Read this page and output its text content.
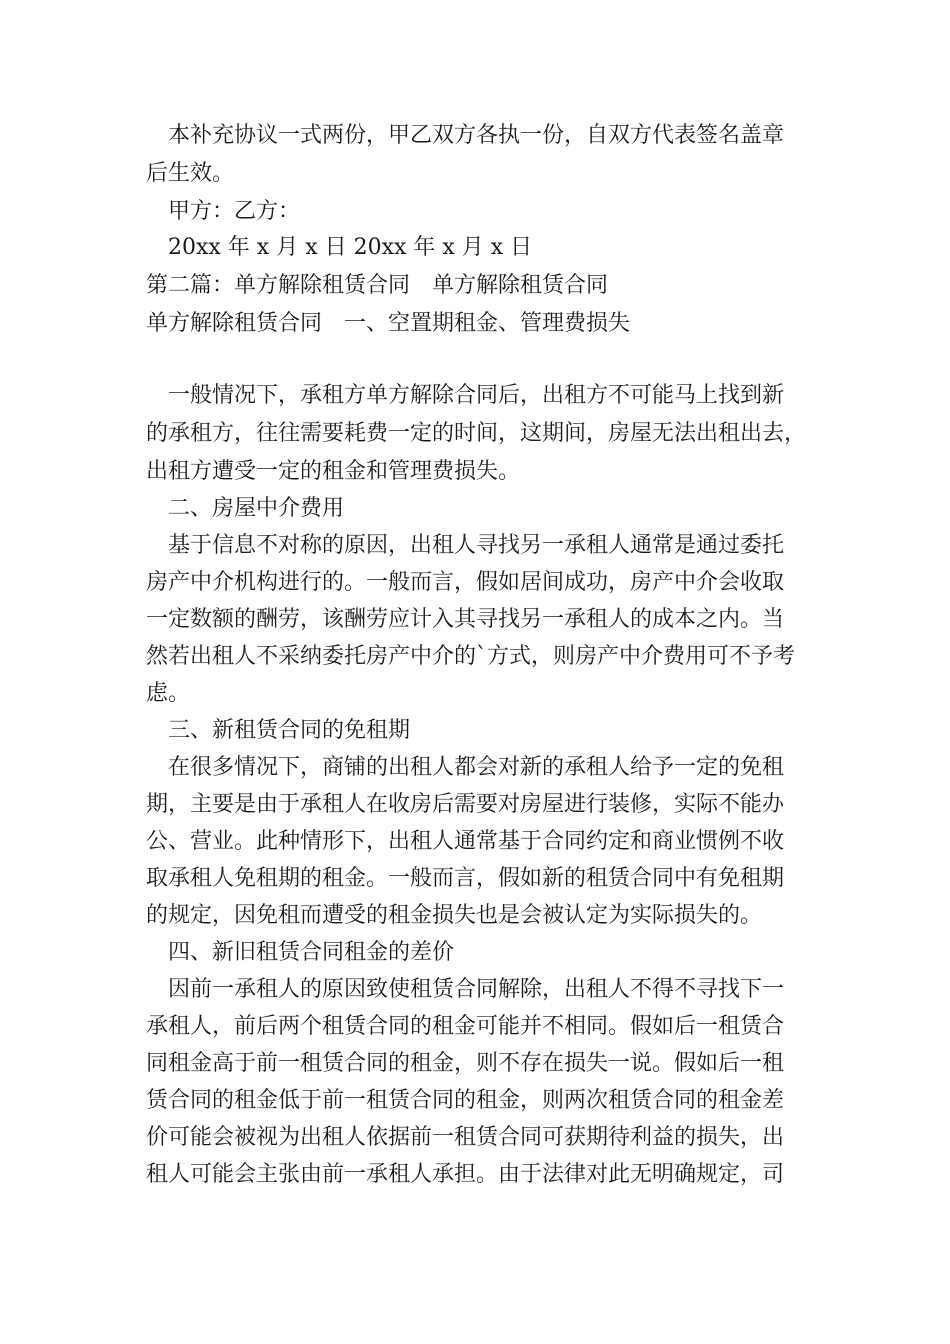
　本补充协议一式两份，甲乙双方各执一份，自双方代表签名盖章
后生效。
　甲方：乙方：
　20xx 年 x 月 x 日 20xx 年 x 月 x 日
第二篇：单方解除租赁合同　单方解除租赁合同
单方解除租赁合同　一、空置期租金、管理费损失
　一般情况下，承租方单方解除合同后，出租方不可能马上找到新
的承租方，往往需要耗费一定的时间，这期间，房屋无法出租出去，
出租方遭受一定的租金和管理费损失。
　二、房屋中介费用
　基于信息不对称的原因，出租人寻找另一承租人通常是通过委托
房产中介机构进行的。一般而言，假如居间成功，房产中介会收取
一定数额的酬劳，该酬劳应计入其寻找另一承租人的成本之内。当
然若出租人不采纳委托房产中介的`方式，则房产中介费用可不予考
虑。
　三、新租赁合同的免租期
　在很多情况下，商铺的出租人都会对新的承租人给予一定的免租
期，主要是由于承租人在收房后需要对房屋进行装修，实际不能办
公、营业。此种情形下，出租人通常基于合同约定和商业惯例不收
取承租人免租期的租金。一般而言，假如新的租赁合同中有免租期
的规定，因免租而遭受的租金损失也是会被认定为实际损失的。
　四、新旧租赁合同租金的差价
　因前一承租人的原因致使租赁合同解除，出租人不得不寻找下一
承租人，前后两个租赁合同的租金可能并不相同。假如后一租赁合
同租金高于前一租赁合同的租金，则不存在损失一说。假如后一租
赁合同的租金低于前一租赁合同的租金，则两次租赁合同的租金差
价可能会被视为出租人依据前一租赁合同可获期待利益的损失，出
租人可能会主张由前一承租人承担。由于法律对此无明确规定，司
